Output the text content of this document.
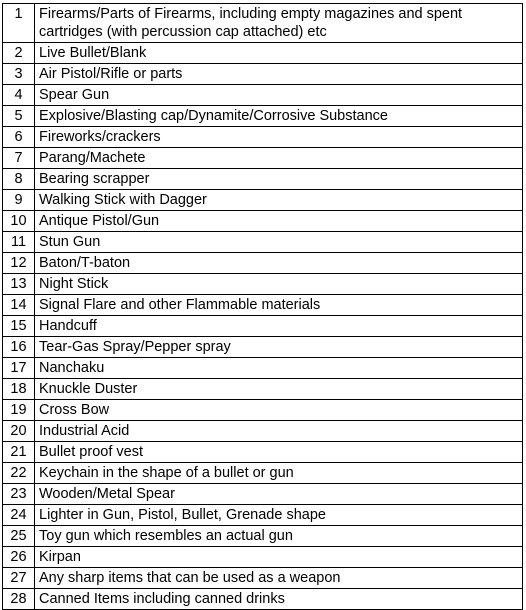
1	Firearms/Parts of Firearms, including empty magazines and spent cartridges (with percussion cap attached) etc
2	Live Bullet/Blank
3	Air Pistol/Rifle or parts
4	Spear Gun
5	Explosive/Blasting cap/Dynamite/Corrosive Substance
6	Fireworks/crackers
7	Parang/Machete
8	Bearing scrapper
9	Walking Stick with Dagger
10	Antique Pistol/Gun
11	Stun Gun
12	Baton/T-baton
13	Night Stick
14	Signal Flare and other Flammable materials
15	Handcuff
16	Tear-Gas Spray/Pepper spray
17	Nanchaku
18	Knuckle Duster
19	Cross Bow
20	Industrial Acid
21	Bullet proof vest
22	Keychain in the shape of a bullet or gun
23	Wooden/Metal Spear
24	Lighter in Gun, Pistol, Bullet, Grenade shape
25	Toy gun which resembles an actual gun
26	Kirpan
27	Any sharp items that can be used as a weapon
28	Canned Items including canned drinks
